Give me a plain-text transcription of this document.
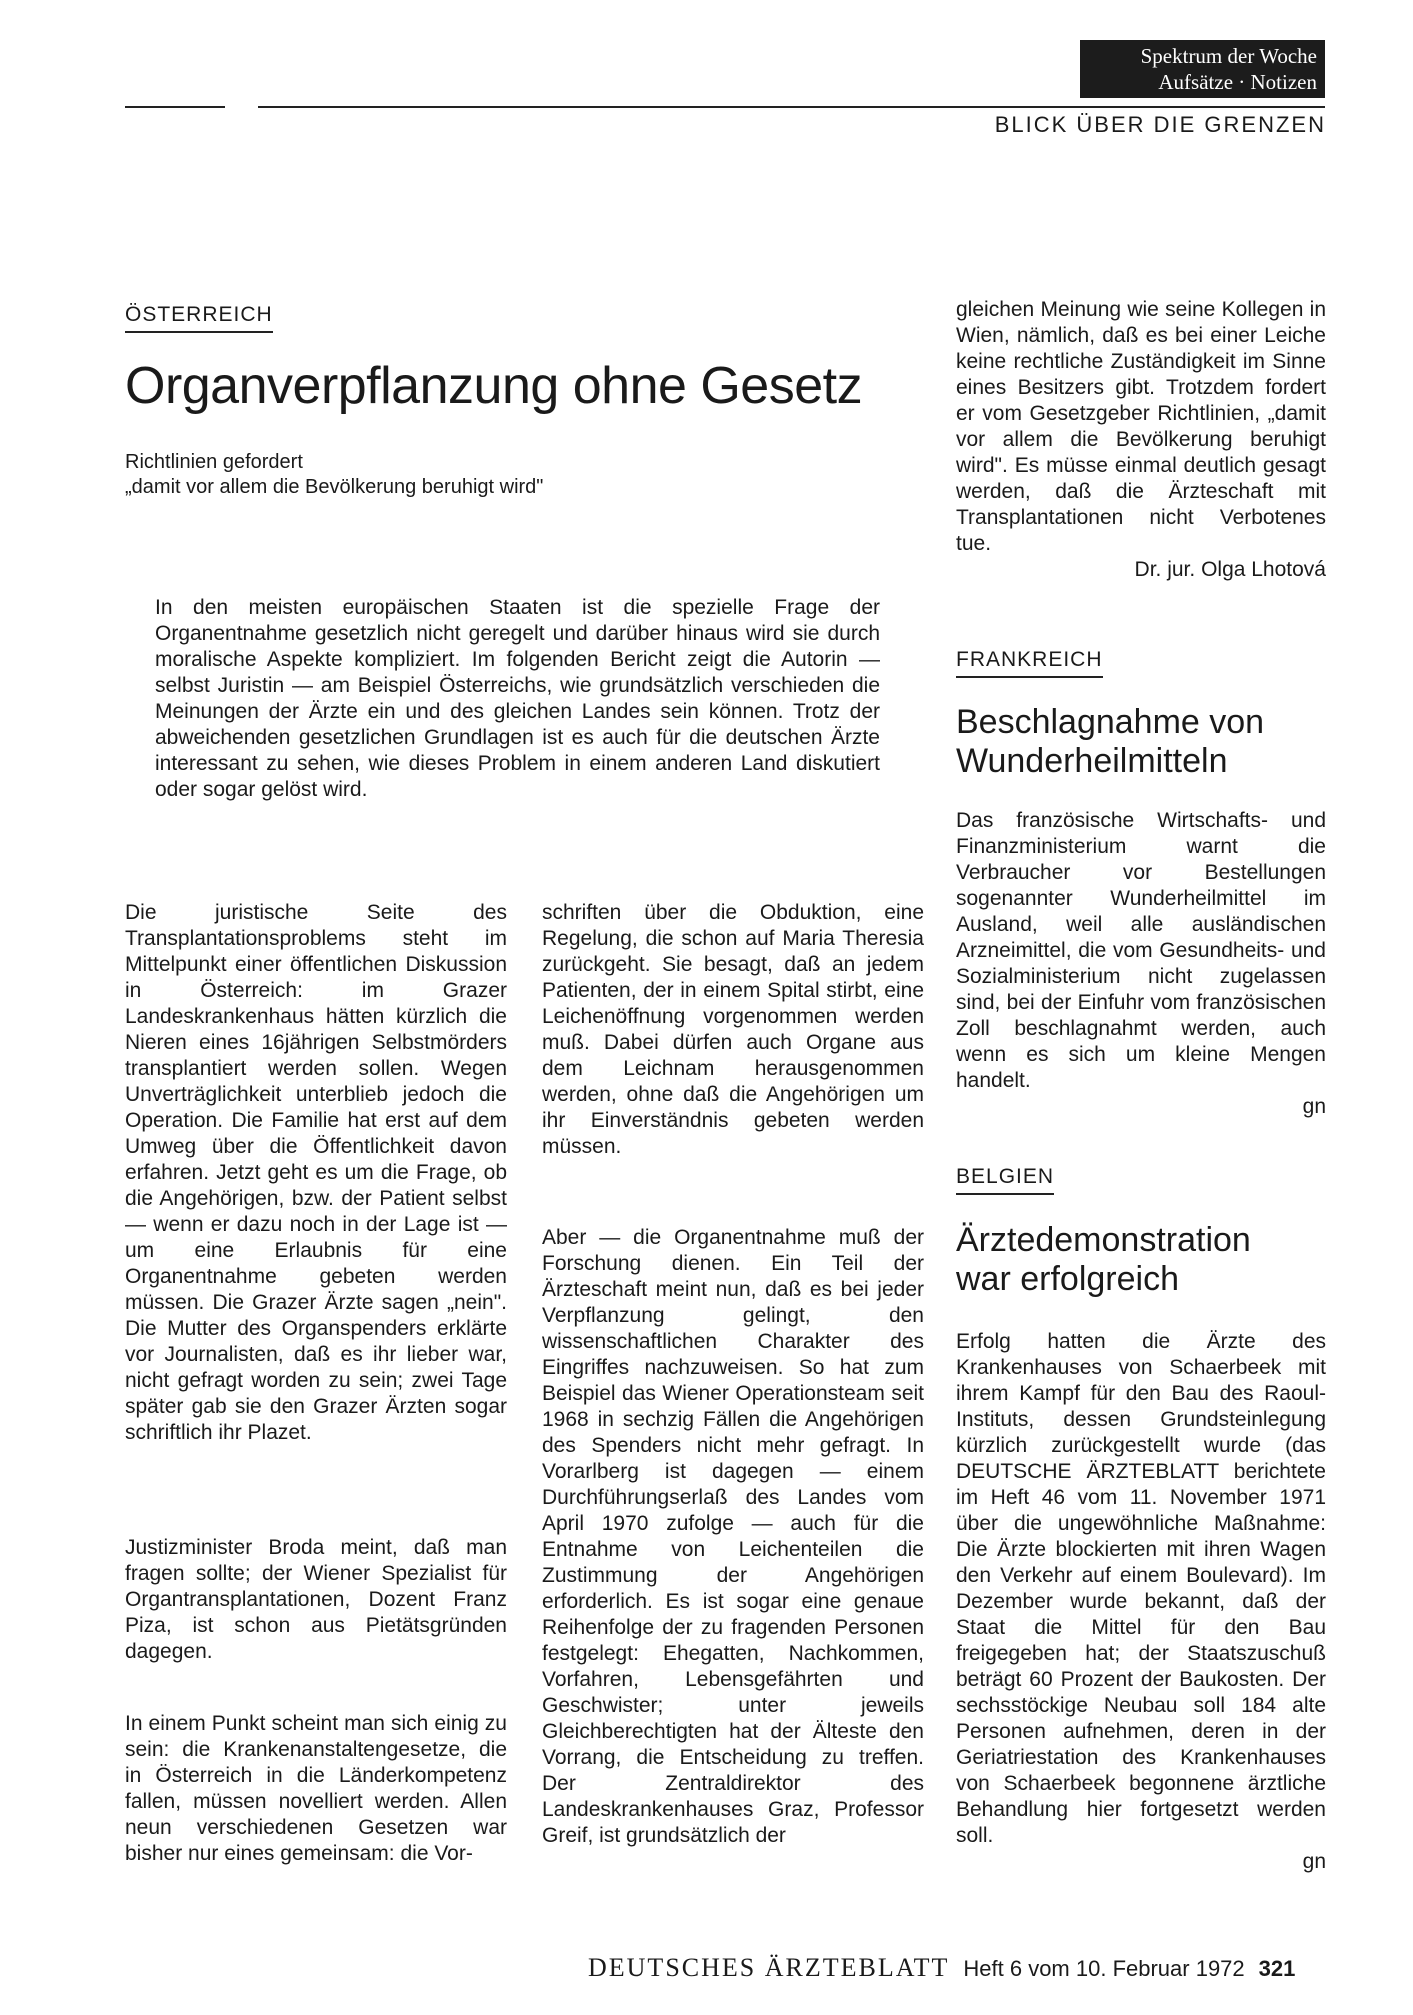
Spektrum der Woche
Aufsätze · Notizen
BLICK ÜBER DIE GRENZEN
ÖSTERREICH
Organverpflanzung ohne Gesetz
Richtlinien gefordert
„damit vor allem die Bevölkerung beruhigt wird"
In den meisten europäischen Staaten ist die spezielle Frage der Organentnahme gesetzlich nicht geregelt und darüber hinaus wird sie durch moralische Aspekte kompliziert. Im folgenden Bericht zeigt die Autorin — selbst Juristin — am Beispiel Österreichs, wie grundsätzlich verschieden die Meinungen der Ärzte ein und des gleichen Landes sein können. Trotz der abweichenden gesetzlichen Grundlagen ist es auch für die deutschen Ärzte interessant zu sehen, wie dieses Problem in einem anderen Land diskutiert oder sogar gelöst wird.
Die juristische Seite des Transplantationsproblems steht im Mittelpunkt einer öffentlichen Diskussion in Österreich: im Grazer Landeskrankenhaus hätten kürzlich die Nieren eines 16jährigen Selbstmörders transplantiert werden sollen. Wegen Unverträglichkeit unterblieb jedoch die Operation. Die Familie hat erst auf dem Umweg über die Öffentlichkeit davon erfahren. Jetzt geht es um die Frage, ob die Angehörigen, bzw. der Patient selbst — wenn er dazu noch in der Lage ist — um eine Erlaubnis für eine Organentnahme gebeten werden müssen. Die Grazer Ärzte sagen „nein". Die Mutter des Organspenders erklärte vor Journalisten, daß es ihr lieber war, nicht gefragt worden zu sein; zwei Tage später gab sie den Grazer Ärzten sogar schriftlich ihr Plazet.
Justizminister Broda meint, daß man fragen sollte; der Wiener Spezialist für Organtransplantationen, Dozent Franz Piza, ist schon aus Pietätsgründen dagegen.
In einem Punkt scheint man sich einig zu sein: die Krankenanstaltengesetze, die in Österreich in die Länderkompetenz fallen, müssen novelliert werden. Allen neun verschiedenen Gesetzen war bisher nur eines gemeinsam: die Vor-
schriften über die Obduktion, eine Regelung, die schon auf Maria Theresia zurückgeht. Sie besagt, daß an jedem Patienten, der in einem Spital stirbt, eine Leichenöffnung vorgenommen werden muß. Dabei dürfen auch Organe aus dem Leichnam herausgenommen werden, ohne daß die Angehörigen um ihr Einverständnis gebeten werden müssen.
Aber — die Organentnahme muß der Forschung dienen. Ein Teil der Ärzteschaft meint nun, daß es bei jeder Verpflanzung gelingt, den wissenschaftlichen Charakter des Eingriffes nachzuweisen. So hat zum Beispiel das Wiener Operationsteam seit 1968 in sechzig Fällen die Angehörigen des Spenders nicht mehr gefragt. In Vorarlberg ist dagegen — einem Durchführungserlaß des Landes vom April 1970 zufolge — auch für die Entnahme von Leichenteilen die Zustimmung der Angehörigen erforderlich. Es ist sogar eine genaue Reihenfolge der zu fragenden Personen festgelegt: Ehegatten, Nachkommen, Vorfahren, Lebensgefährten und Geschwister; unter jeweils Gleichberechtigten hat der Älteste den Vorrang, die Entscheidung zu treffen. Der Zentraldirektor des Landeskrankenhauses Graz, Professor Greif, ist grundsätzlich der
gleichen Meinung wie seine Kollegen in Wien, nämlich, daß es bei einer Leiche keine rechtliche Zuständigkeit im Sinne eines Besitzers gibt. Trotzdem fordert er vom Gesetzgeber Richtlinien, „damit vor allem die Bevölkerung beruhigt wird". Es müsse einmal deutlich gesagt werden, daß die Ärzteschaft mit Transplantationen nicht Verbotenes tue.
Dr. jur. Olga Lhotová
FRANKREICH
Beschlagnahme von
Wunderheilmitteln
Das französische Wirtschafts- und Finanzministerium warnt die Verbraucher vor Bestellungen sogenannter Wunderheilmittel im Ausland, weil alle ausländischen Arzneimittel, die vom Gesundheits- und Sozialministerium nicht zugelassen sind, bei der Einfuhr vom französischen Zoll beschlagnahmt werden, auch wenn es sich um kleine Mengen handelt.
gn
BELGIEN
Ärztedemonstration
war erfolgreich
Erfolg hatten die Ärzte des Krankenhauses von Schaerbeek mit ihrem Kampf für den Bau des Raoul-Instituts, dessen Grundsteinlegung kürzlich zurückgestellt wurde (das DEUTSCHE ÄRZTEBLATT berichtete im Heft 46 vom 11. November 1971 über die ungewöhnliche Maßnahme: Die Ärzte blockierten mit ihren Wagen den Verkehr auf einem Boulevard). Im Dezember wurde bekannt, daß der Staat die Mittel für den Bau freigegeben hat; der Staatszuschuß beträgt 60 Prozent der Baukosten. Der sechsstöckige Neubau soll 184 alte Personen aufnehmen, deren in der Geriatriestation des Krankenhauses von Schaerbeek begonnene ärztliche Behandlung hier fortgesetzt werden soll.
gn
DEUTSCHES ÄRZTEBLATT Heft 6 vom 10. Februar 1972 321
